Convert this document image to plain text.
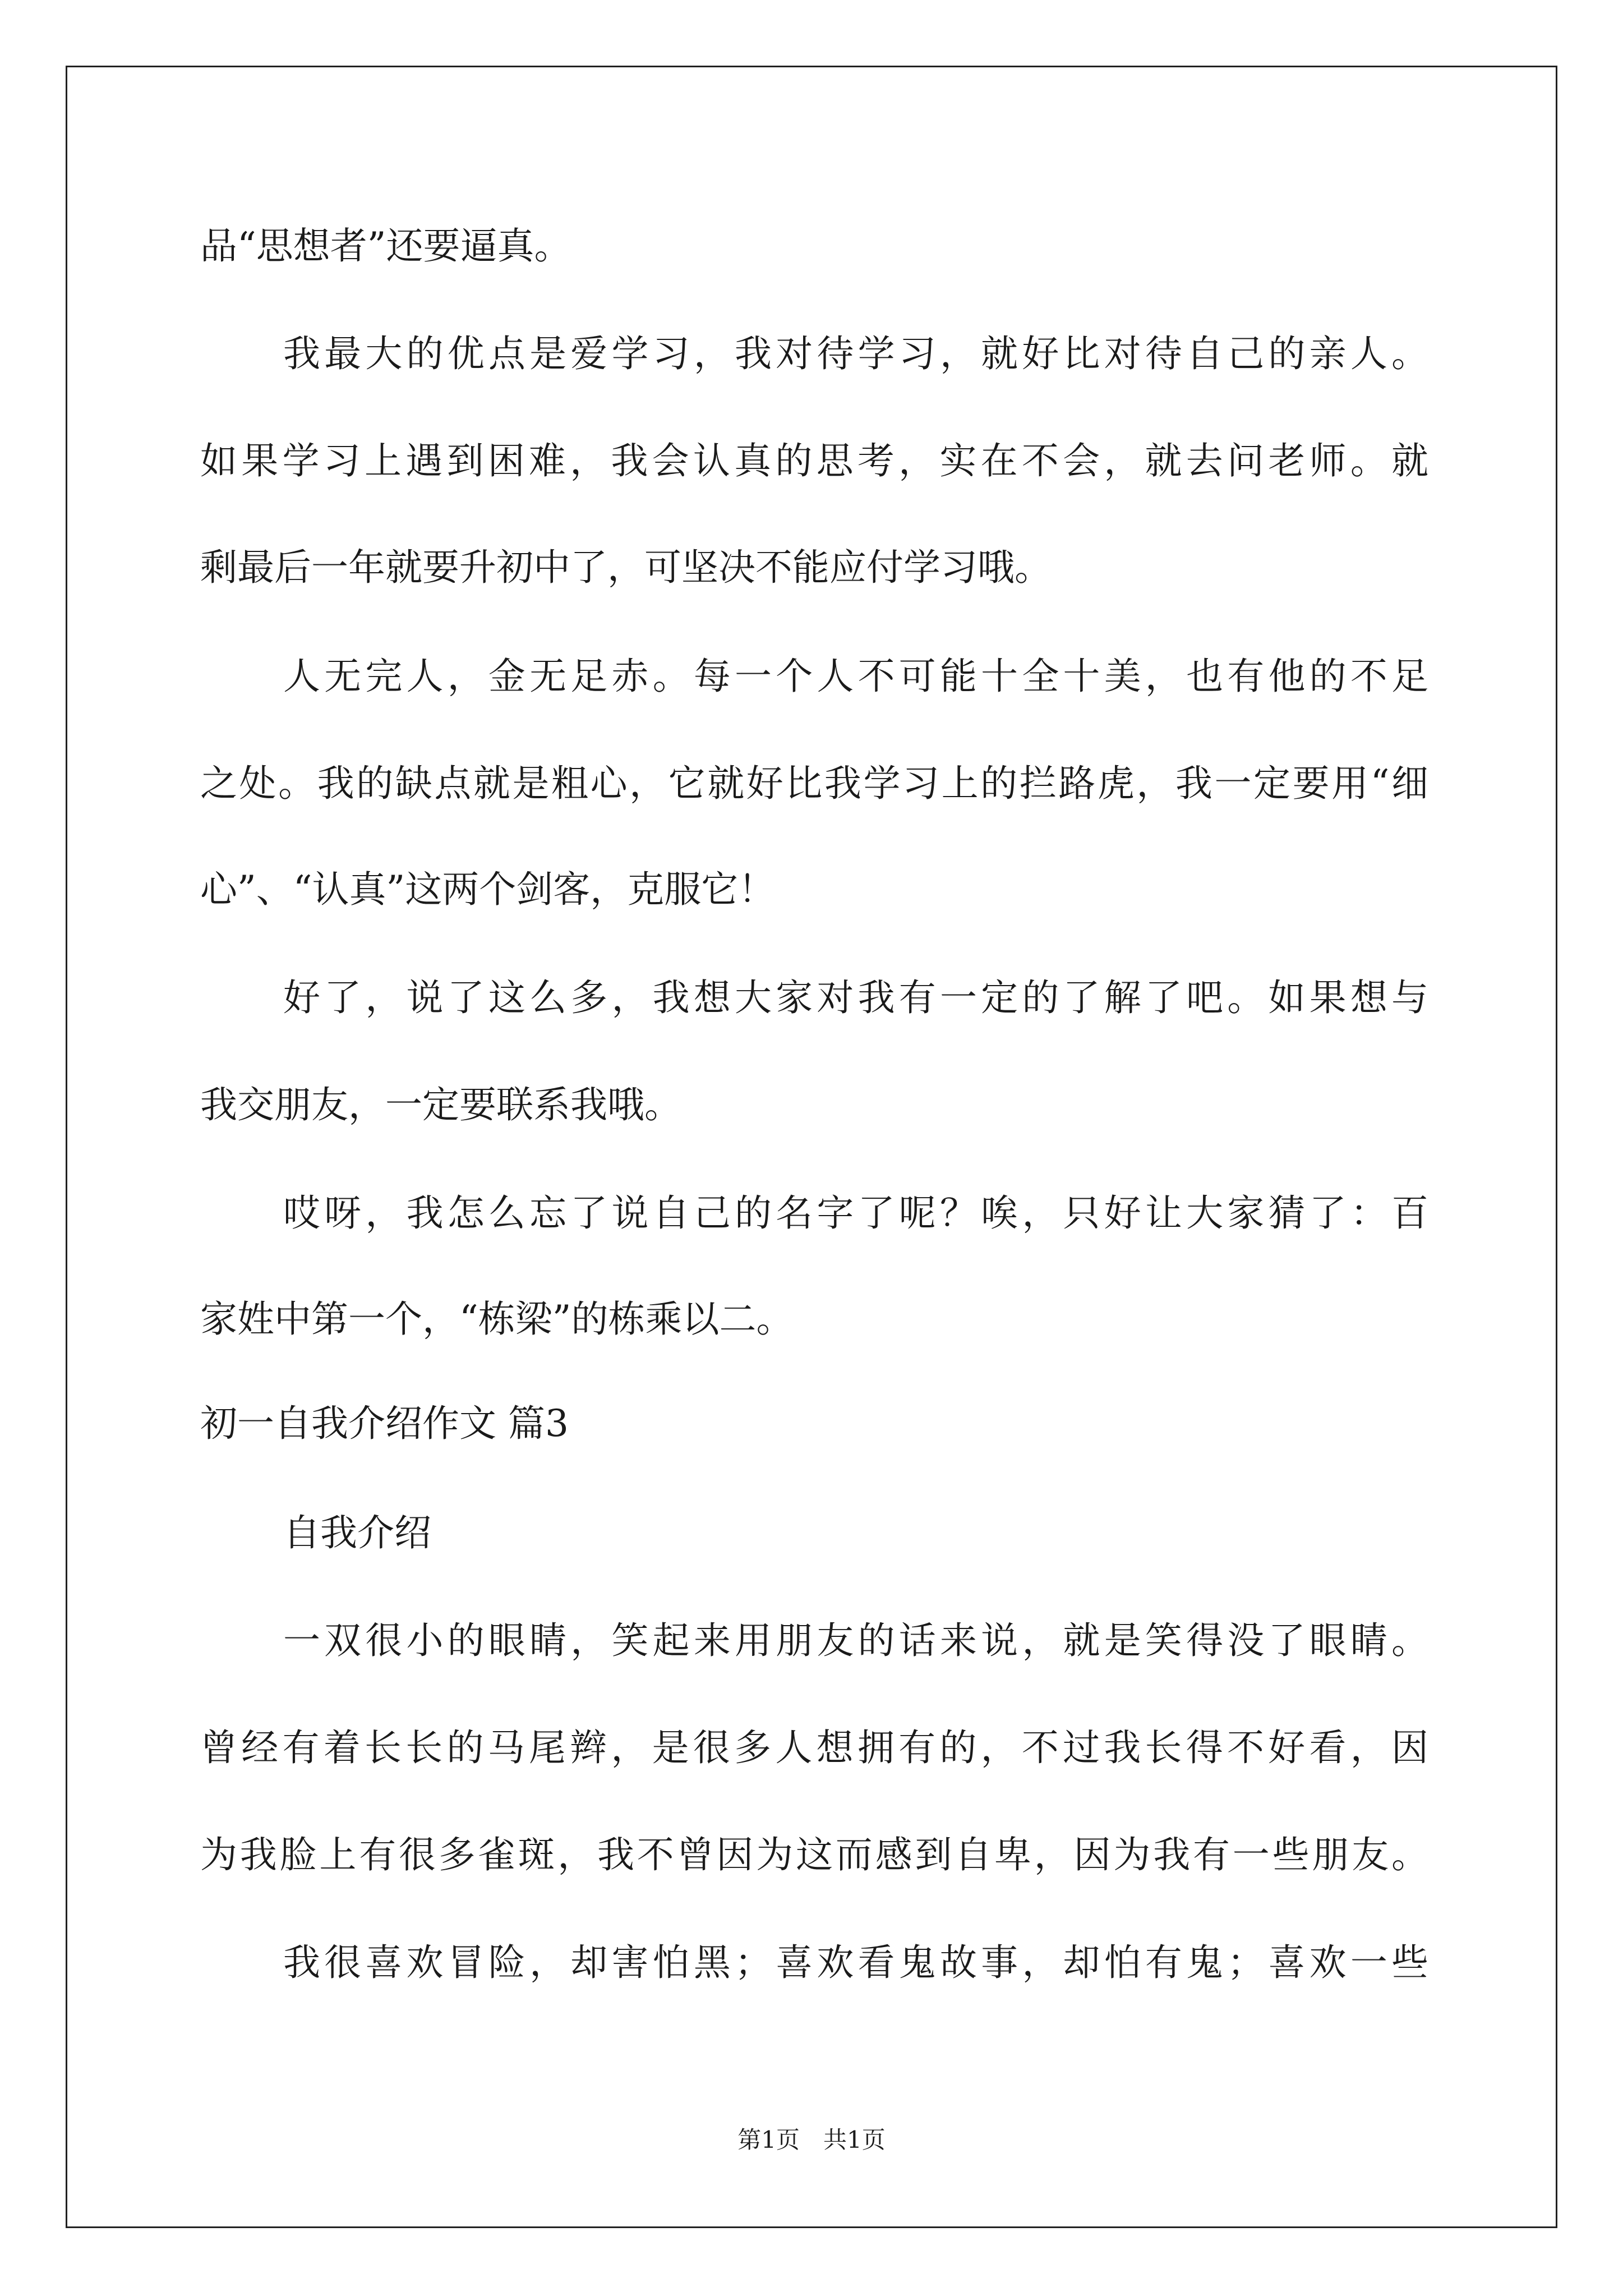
品“思想者”还要逼真。
我最大的优点是爱学习，我对待学习，就好比对待自己的亲人。
如果学习上遇到困难，我会认真的思考，实在不会，就去问老师。就
剩最后一年就要升初中了，可坚决不能应付学习哦。
人无完人，金无足赤。每一个人不可能十全十美，也有他的不足
之处。我的缺点就是粗心，它就好比我学习上的拦路虎，我一定要用“细
心”、“认真”这两个剑客，克服它！
好了，说了这么多，我想大家对我有一定的了解了吧。如果想与
我交朋友，一定要联系我哦。
哎呀，我怎么忘了说自己的名字了呢？唉，只好让大家猜了：百
家姓中第一个，“栋梁”的栋乘以二。
初一自我介绍作文 篇3
自我介绍
一双很小的眼睛，笑起来用朋友的话来说，就是笑得没了眼睛。
曾经有着长长的马尾辫，是很多人想拥有的，不过我长得不好看，因
为我脸上有很多雀斑，我不曾因为这而感到自卑，因为我有一些朋友。
我很喜欢冒险，却害怕黑；喜欢看鬼故事，却怕有鬼；喜欢一些
第1页　共1页
